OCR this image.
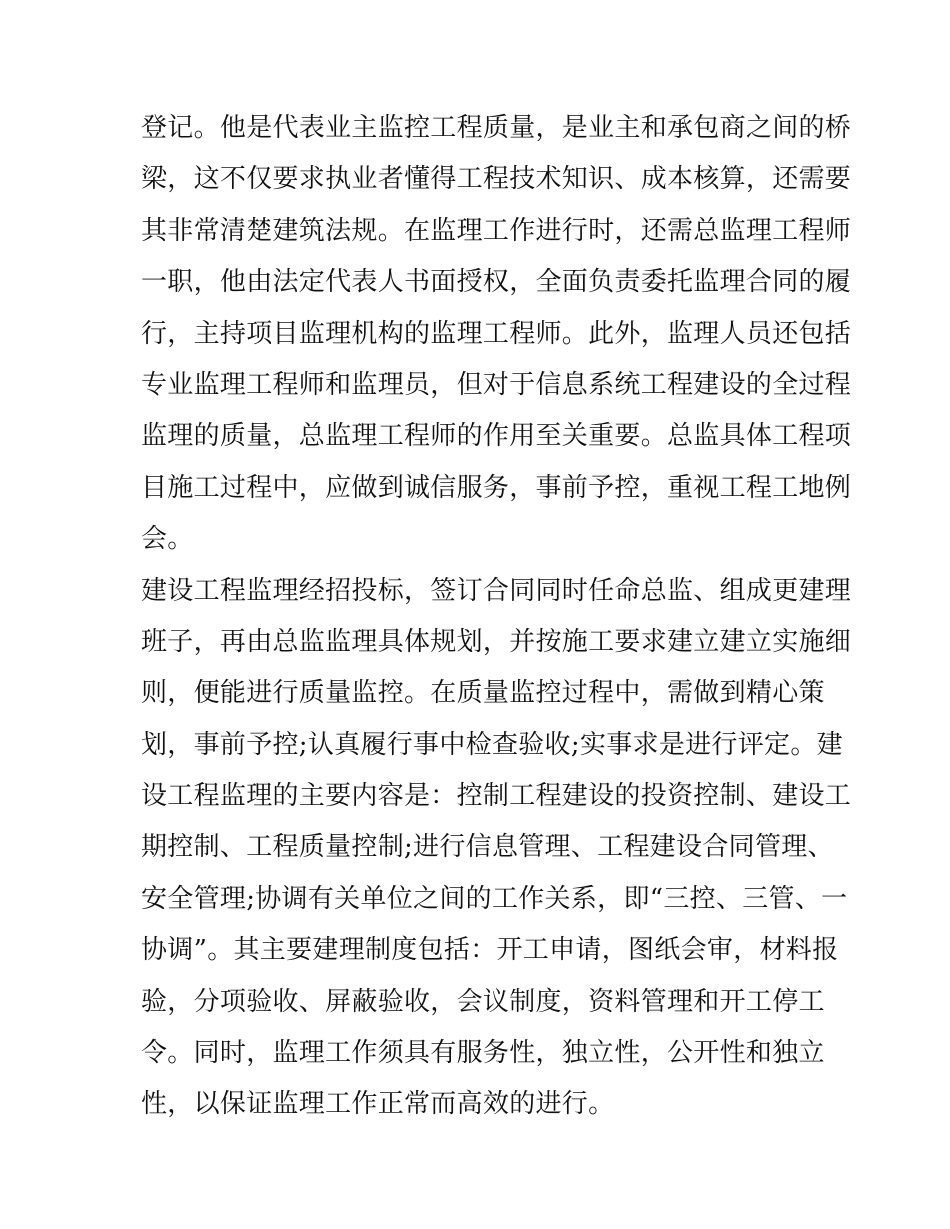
登记。他是代表业主监控工程质量，是业主和承包商之间的桥
梁，这不仅要求执业者懂得工程技术知识、成本核算，还需要
其非常清楚建筑法规。在监理工作进行时，还需总监理工程师
一职，他由法定代表人书面授权，全面负责委托监理合同的履
行，主持项目监理机构的监理工程师。此外，监理人员还包括
专业监理工程师和监理员，但对于信息系统工程建设的全过程
监理的质量，总监理工程师的作用至关重要。总监具体工程项
目施工过程中，应做到诚信服务，事前予控，重视工程工地例
会。
建设工程监理经招投标，签订合同同时任命总监、组成更建理
班子，再由总监监理具体规划，并按施工要求建立建立实施细
则，便能进行质量监控。在质量监控过程中，需做到精心策
划，事前予控;认真履行事中检查验收;实事求是进行评定。建
设工程监理的主要内容是：控制工程建设的投资控制、建设工
期控制、工程质量控制;进行信息管理、工程建设合同管理、
安全管理;协调有关单位之间的工作关系，即“三控、三管、一
协调”。其主要建理制度包括：开工申请，图纸会审，材料报
验，分项验收、屏蔽验收，会议制度，资料管理和开工停工
令。同时，监理工作须具有服务性，独立性，公开性和独立
性，以保证监理工作正常而高效的进行。
